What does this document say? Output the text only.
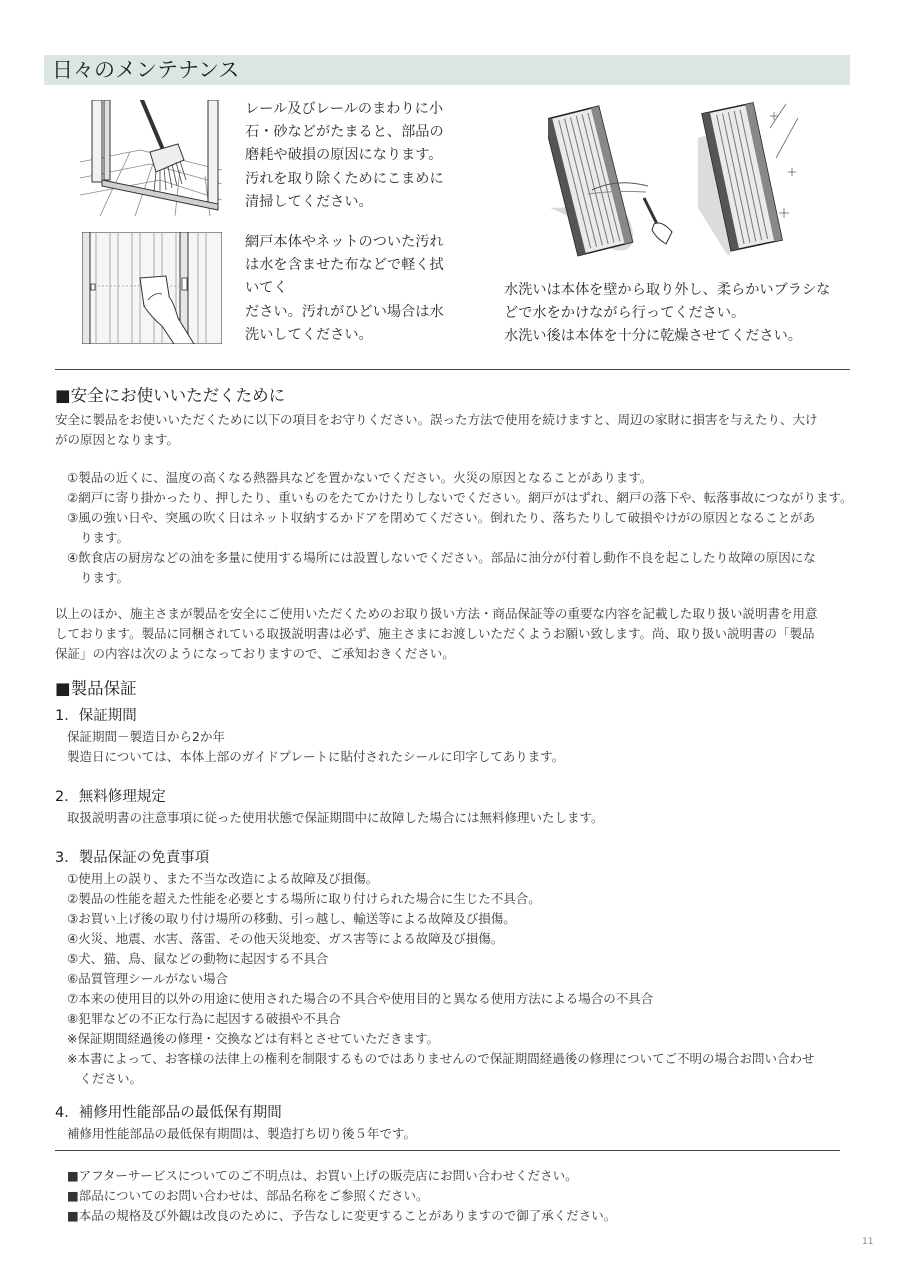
日々のメンテナンス
レール及びレールのまわりに小
石・砂などがたまると、部品の
磨耗や破損の原因になります。
汚れを取り除くためにこまめに
清掃してください。
網戸本体やネットのついた汚れ
は水を含ませた布などで軽く拭
いてく
ださい。汚れがひどい場合は水
洗いしてください。
水洗いは本体を壁から取り外し、柔らかいブラシな
どで水をかけながら行ってください。
水洗い後は本体を十分に乾燥させてください。
■安全にお使いいただくために
安全に製品をお使いいただくために以下の項目をお守りください。誤った方法で使用を続けますと、周辺の家財に損害を与えたり、大け
がの原因となります。
①製品の近くに、温度の高くなる熱器具などを置かないでください。火災の原因となることがあります。
②網戸に寄り掛かったり、押したり、重いものをたてかけたりしないでください。網戸がはずれ、網戸の落下や、転落事故につながります。
③風の強い日や、突風の吹く日はネット収納するかドアを閉めてください。倒れたり、落ちたりして破損やけがの原因となることがあ
ります。
④飲食店の厨房などの油を多量に使用する場所には設置しないでください。部品に油分が付着し動作不良を起こしたり故障の原因にな
ります。
以上のほか、施主さまが製品を安全にご使用いただくためのお取り扱い方法・商品保証等の重要な内容を記載した取り扱い説明書を用意
しております。製品に同梱されている取扱説明書は必ず、施主さまにお渡しいただくようお願い致します。尚、取り扱い説明書の「製品
保証」の内容は次のようになっておりますので、ご承知おきください。
■製品保証
1．保証期間
保証期間－製造日から2か年
製造日については、本体上部のガイドプレートに貼付されたシールに印字してあります。
2．無料修理規定
取扱説明書の注意事項に従った使用状態で保証期間中に故障した場合には無料修理いたします。
3．製品保証の免責事項
①使用上の誤り、また不当な改造による故障及び損傷。
②製品の性能を超えた性能を必要とする場所に取り付けられた場合に生じた不具合。
③お買い上げ後の取り付け場所の移動、引っ越し、輸送等による故障及び損傷。
④火災、地震、水害、落雷、その他天災地変、ガス害等による故障及び損傷。
⑤犬、猫、鳥、鼠などの動物に起因する不具合
⑥品質管理シールがない場合
⑦本来の使用目的以外の用途に使用された場合の不具合や使用目的と異なる使用方法による場合の不具合
⑧犯罪などの不正な行為に起因する破損や不具合
※保証期間経過後の修理・交換などは有料とさせていただきます。
※本書によって、お客様の法律上の権利を制限するものではありませんので保証期間経過後の修理についてご不明の場合お問い合わせ
　ください。
4．補修用性能部品の最低保有期間
補修用性能部品の最低保有期間は、製造打ち切り後５年です。
■アフターサービスについてのご不明点は、お買い上げの販売店にお問い合わせください。
■部品についてのお問い合わせは、部品名称をご参照ください。
■本品の規格及び外観は改良のために、予告なしに変更することがありますので御了承ください。
11
